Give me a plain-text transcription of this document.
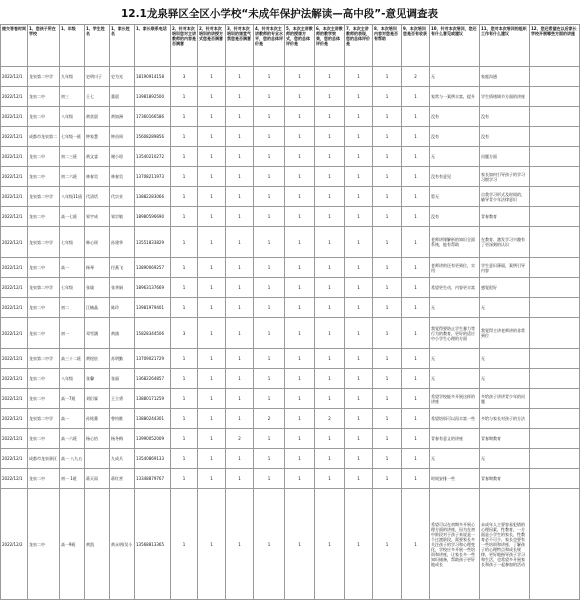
12.1龙泉驿区全区小学校“未成年保护法解读—高中段”-意见调查表
提交答卷时间	1、您孩子所在学校	1、年级	1、学生姓名	1、家长姓名	1、家长联系电话	2、针对本次培训您对主讲教师的内容是否满意	2、针对本次培训的讲授方式您是否满意	3、针对本次培训的课堂气氛您是否满意	4、针对本次主讲教师的专业水平，您的总体评价是	5、本次主讲教师的授课方式，您的总体评价是	6、本次主讲教师的教学效果，您的总体评价是	7、本次主讲教师的表现，您的总体评价是	8、本次培训内容对您是否有帮助	9、本次培训您是否有收获	10、针对本次培训，您还有什么意见或建议	11、您对本次培训的组织工作有什么建议	12、您还希望在以后家长学校开展哪些方面的讲座
2022/12/1	龙泉第二中学	九年级	史明川子	史为光	18190914158	3	1	1	1	1	1	1	1	2	无	家庭沟通	
2022/12/1	龙泉二中	初三	王七	董晨	13981892500	1	1	1	1	1	1	1	1	1	家常与一案例丰富，提升	学生情绪调节方面的讲座	
2022/12/1	龙泉二中	八年级	黄奕晨	黄如洲	17360166586	1	1	1	1	1	1	1	1	1	没有	没有	
2022/12/1	成都市龙泉第二	七年级一班	钟家慧	钟昌周	15608289856	1	1	1	1	1	1	1	1	1	没有	没有	
2022/12/1	龙泉二中	初二三班	黄文睿	谢小琼	13540210272	1	1	1	1	1	1	1	1	1	无	问题方面	
2022/12/1	龙泉二中	初二六班	林春昊	林春昊	13708211973	1	1	1	1	1	1	1	1	1	没有有意见	家长如何引导孩子的学习习惯学习	
2022/12/1	龙泉第二中学	八年级11班	代清恬	代宗业	13882283066	1	1	1	1	1	1	1	1	1	暂无	自我学习形式及时间的，辅导青少年法律意识	
2022/12/1	龙泉二中	高一七班	邹宇成	邹宗敏	18980596690	1	1	1	1	1	1	1	1	1	没有	青春教育	
2022/12/1	龙泉第二中学	七年级	韩心瑶	孙建华	13551833829	1	1	1	1	1	1	1	1	1	老师讲课解析的知识全面系统，能有帮助	在教育、激发学习兴趣有了更深刻的认识	
2022/12/1	龙泉二中	高一	杨琴	付燕飞	13890069257	1	1	1	1	1	1	1	1	1	老师讲的还有更到位，实用	学生意识薄弱，案例引导内容	
2022/12/1	龙泉第二中学	七年级	张瑜	张华娟	18963137669	1	1	1	1	1	1	1	1	1	希望更生动，内容更丰富	感觉很好	
2022/12/1	龙泉二中	初二	江楠晶	陈玲	13981979401	1	1	1	1	1	1	1	1	1	无	无	
2022/12/1	龙泉二中	初一	邓雪涵	黄浦	15828344506	3	1	1	1	1	1	1	1	1	我觉得要防止学生暴力等行为的教育，更好的适应中小学生心理的方面	我觉得主讲老师讲的非常到位	
2022/12/1	龙泉第二中学	高三十二班	黄煜宸	苏明勤	13709021729	1	1	1	1	1	1	1	1	1	无	无	
2022/12/1	龙泉二中	八年级	张馨	张丽	13682264857	1	1	1	1	1	1	1	1	1	无	无	
2022/12/1	龙泉二中	高一7班	刘衍霖	王立勇	13880171259	1	1	1	1	1	1	1	1	1	希望学校能多开展这样的讲座	多给孩子讲讲青少年的问题	
2022/12/1	龙泉第二中学	高一	孙铭薰	曾钧维	13880244301	1	1	1	2	1	2	1	1	1	希望培训可以再丰富一些	多给与家长对孩子的方法	
2022/12/1	龙泉二中	高一六班	杨心怡	杨冬梅	13990052009	1	1	2	1	1	1	1	1	1	青春有意义的讲座	青春期教育	
2022/12/1	成都市龙泉驿区	高一 八九五		九成兵	13540869133	1	1	1	1	1	1	1	1	1	无	无	
2022/12/1	龙泉二中	初一 1班	蒋天雨	蒋红营	13348879767	1	1	1	1	1	1	1	1	1	时间安排一些	青春期教育	
2022/12/2	龙泉二中	高一9班	黄凯	黄永明/吴小	13568813365	1	1	1	1	1	1	1	1	1	希望可以在初期多开展心理方面的讲座，因为在初中阶段对于孩子来说是一个过渡阶段，需要家长多关注孩子的学习和心理变化，学校应多开展一些培训和讲座，让家长多一些知识储备，帮助孩子更好地成长	未成年人主要容易犯错的心理因素，性教育，一方面是小学生的家长，性教育必不可少，家长也要有一些培训和讲座，了解孩子的心理特点和成长规律，更好地指导孩子学习和生活，也希望多开展家长和孩子一起参加的活动	
